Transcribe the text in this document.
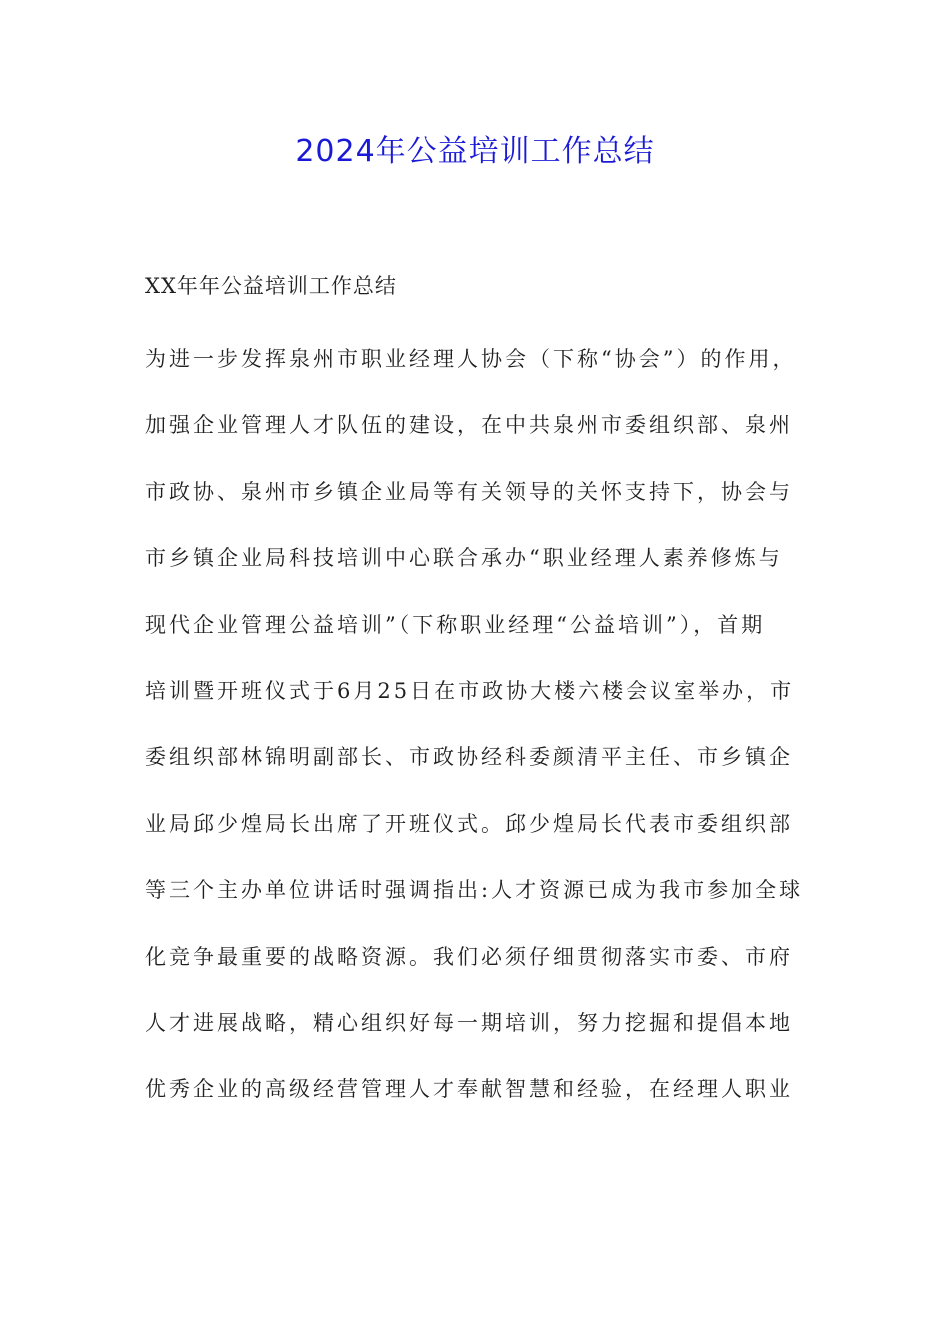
2024年公益培训工作总结

XX年年公益培训工作总结

为进一步发挥泉州市职业经理人协会（下称“协会”）的作用，
加强企业管理人才队伍的建设，在中共泉州市委组织部、泉州
市政协、泉州市乡镇企业局等有关领导的关怀支持下，协会与
市乡镇企业局科技培训中心联合承办“职业经理人素养修炼与
现代企业管理公益培训”（下称职业经理“公益培训”），首期
培训暨开班仪式于6月25日在市政协大楼六楼会议室举办，市
委组织部林锦明副部长、市政协经科委颜清平主任、市乡镇企
业局邱少煌局长出席了开班仪式。邱少煌局长代表市委组织部
等三个主办单位讲话时强调指出:人才资源已成为我市参加全球
化竞争最重要的战略资源。我们必须仔细贯彻落实市委、市府
人才进展战略，精心组织好每一期培训，努力挖掘和提倡本地
优秀企业的高级经营管理人才奉献智慧和经验，在经理人职业
